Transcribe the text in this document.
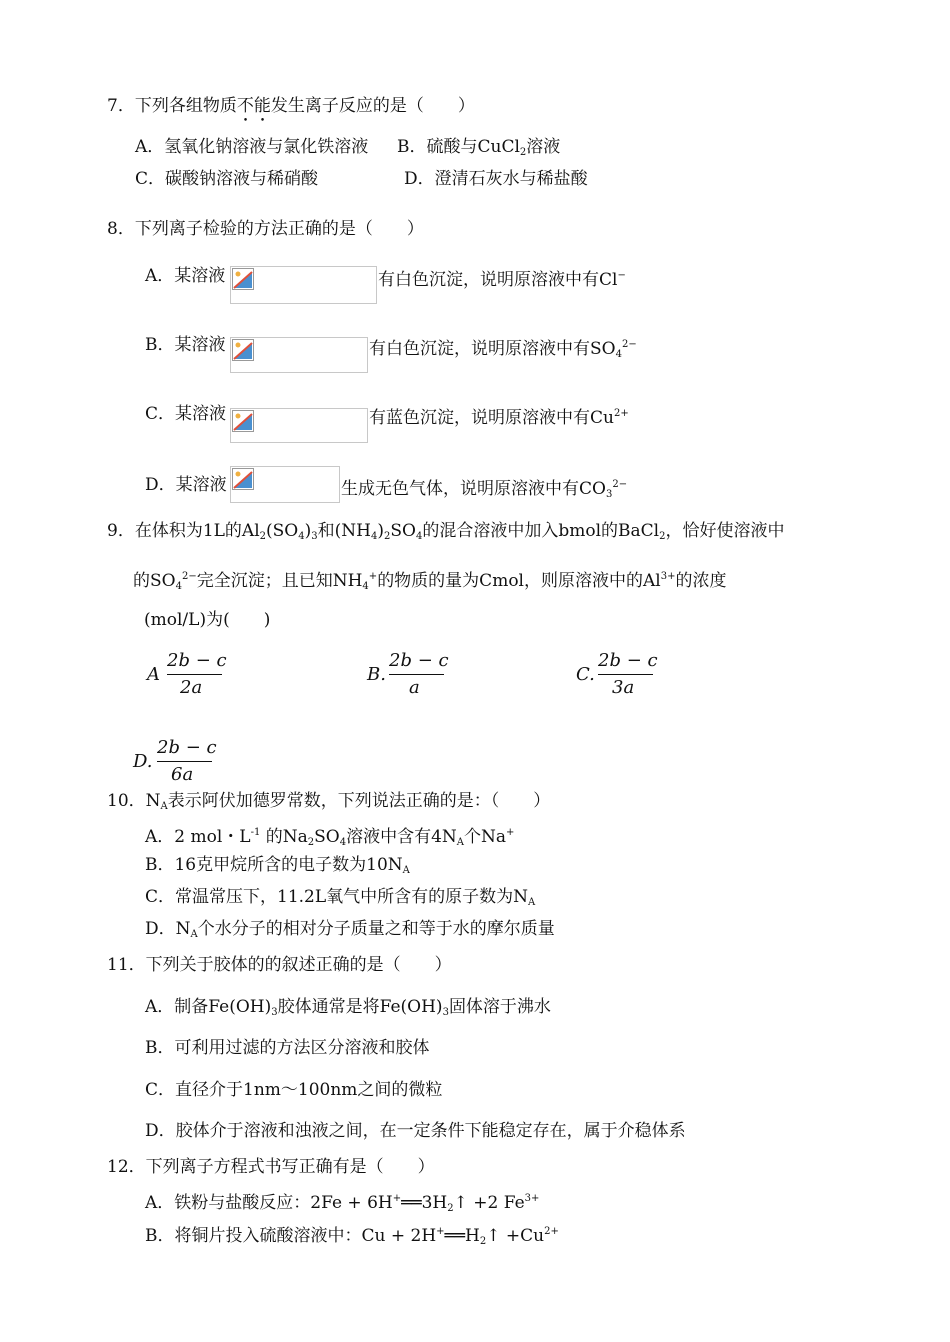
7．下列各组物质不能发生离子反应的是（　　）
A．氢氧化钠溶液与氯化铁溶液 B．硫酸与CuCl$_2$溶液
C．碳酸钠溶液与稀硝酸	D．澄清石灰水与稀盐酸
8．下列离子检验的方法正确的是（　　）
A．某溶液	有白色沉淀，说明原溶液中有Cl−
B．某溶液	有白色沉淀，说明原溶液中有$SO_4^{2-}$
C．某溶液	有蓝色沉淀，说明原溶液中有$Cu^{2+}$
D．某溶液	生成无色气体，说明原溶液中有$CO_3^{2-}$
9．在体积为1L的$Al_2(SO_4)_3$和$(NH_4)_2SO_4$的混合溶液中加入bmol的BaCl$_2$，恰好使溶液中
的$SO_4^{2-}$完全沉淀；且已知$NH_4^+$的物质的量为Cmol，则原溶液中的$Al^{3+}$的浓度
(mol/L)为(　　)
A
2b − c
2a
B.
2b − c
a
C.
2b − c
3a
D.
2b − c
6a
10．$N_A$表示阿伏加德罗常数，下列说法正确的是：（　　）
A．2 mol・$L^{-1}$ 的$Na_2SO_4$溶液中含有$4N_A$个Na+
B．16克甲烷所含的电子数为$10N_A$
C．常温常压下，11.2L氧气中所含有的原子数为$N_A$
D．$N_A$个水分子的相对分子质量之和等于水的摩尔质量
11．下列关于胶体的的叙述正确的是（　　）
A．制备$Fe(OH)_3$胶体通常是将$Fe(OH)_3$固体溶于沸水
B．可利用过滤的方法区分溶液和胶体
C．直径介于1nm～100nm之间的微粒
D．胶体介于溶液和浊液之间，在一定条件下能稳定存在，属于介稳体系
12．下列离子方程式书写正确有是（　　）
A．铁粉与盐酸反应：$2Fe + 6H^+══3H_2↑ +2$ $Fe^{3+}$
B．将铜片投入硫酸溶液中：$Cu + 2H^+══H_2↑ +Cu^{2+}$
